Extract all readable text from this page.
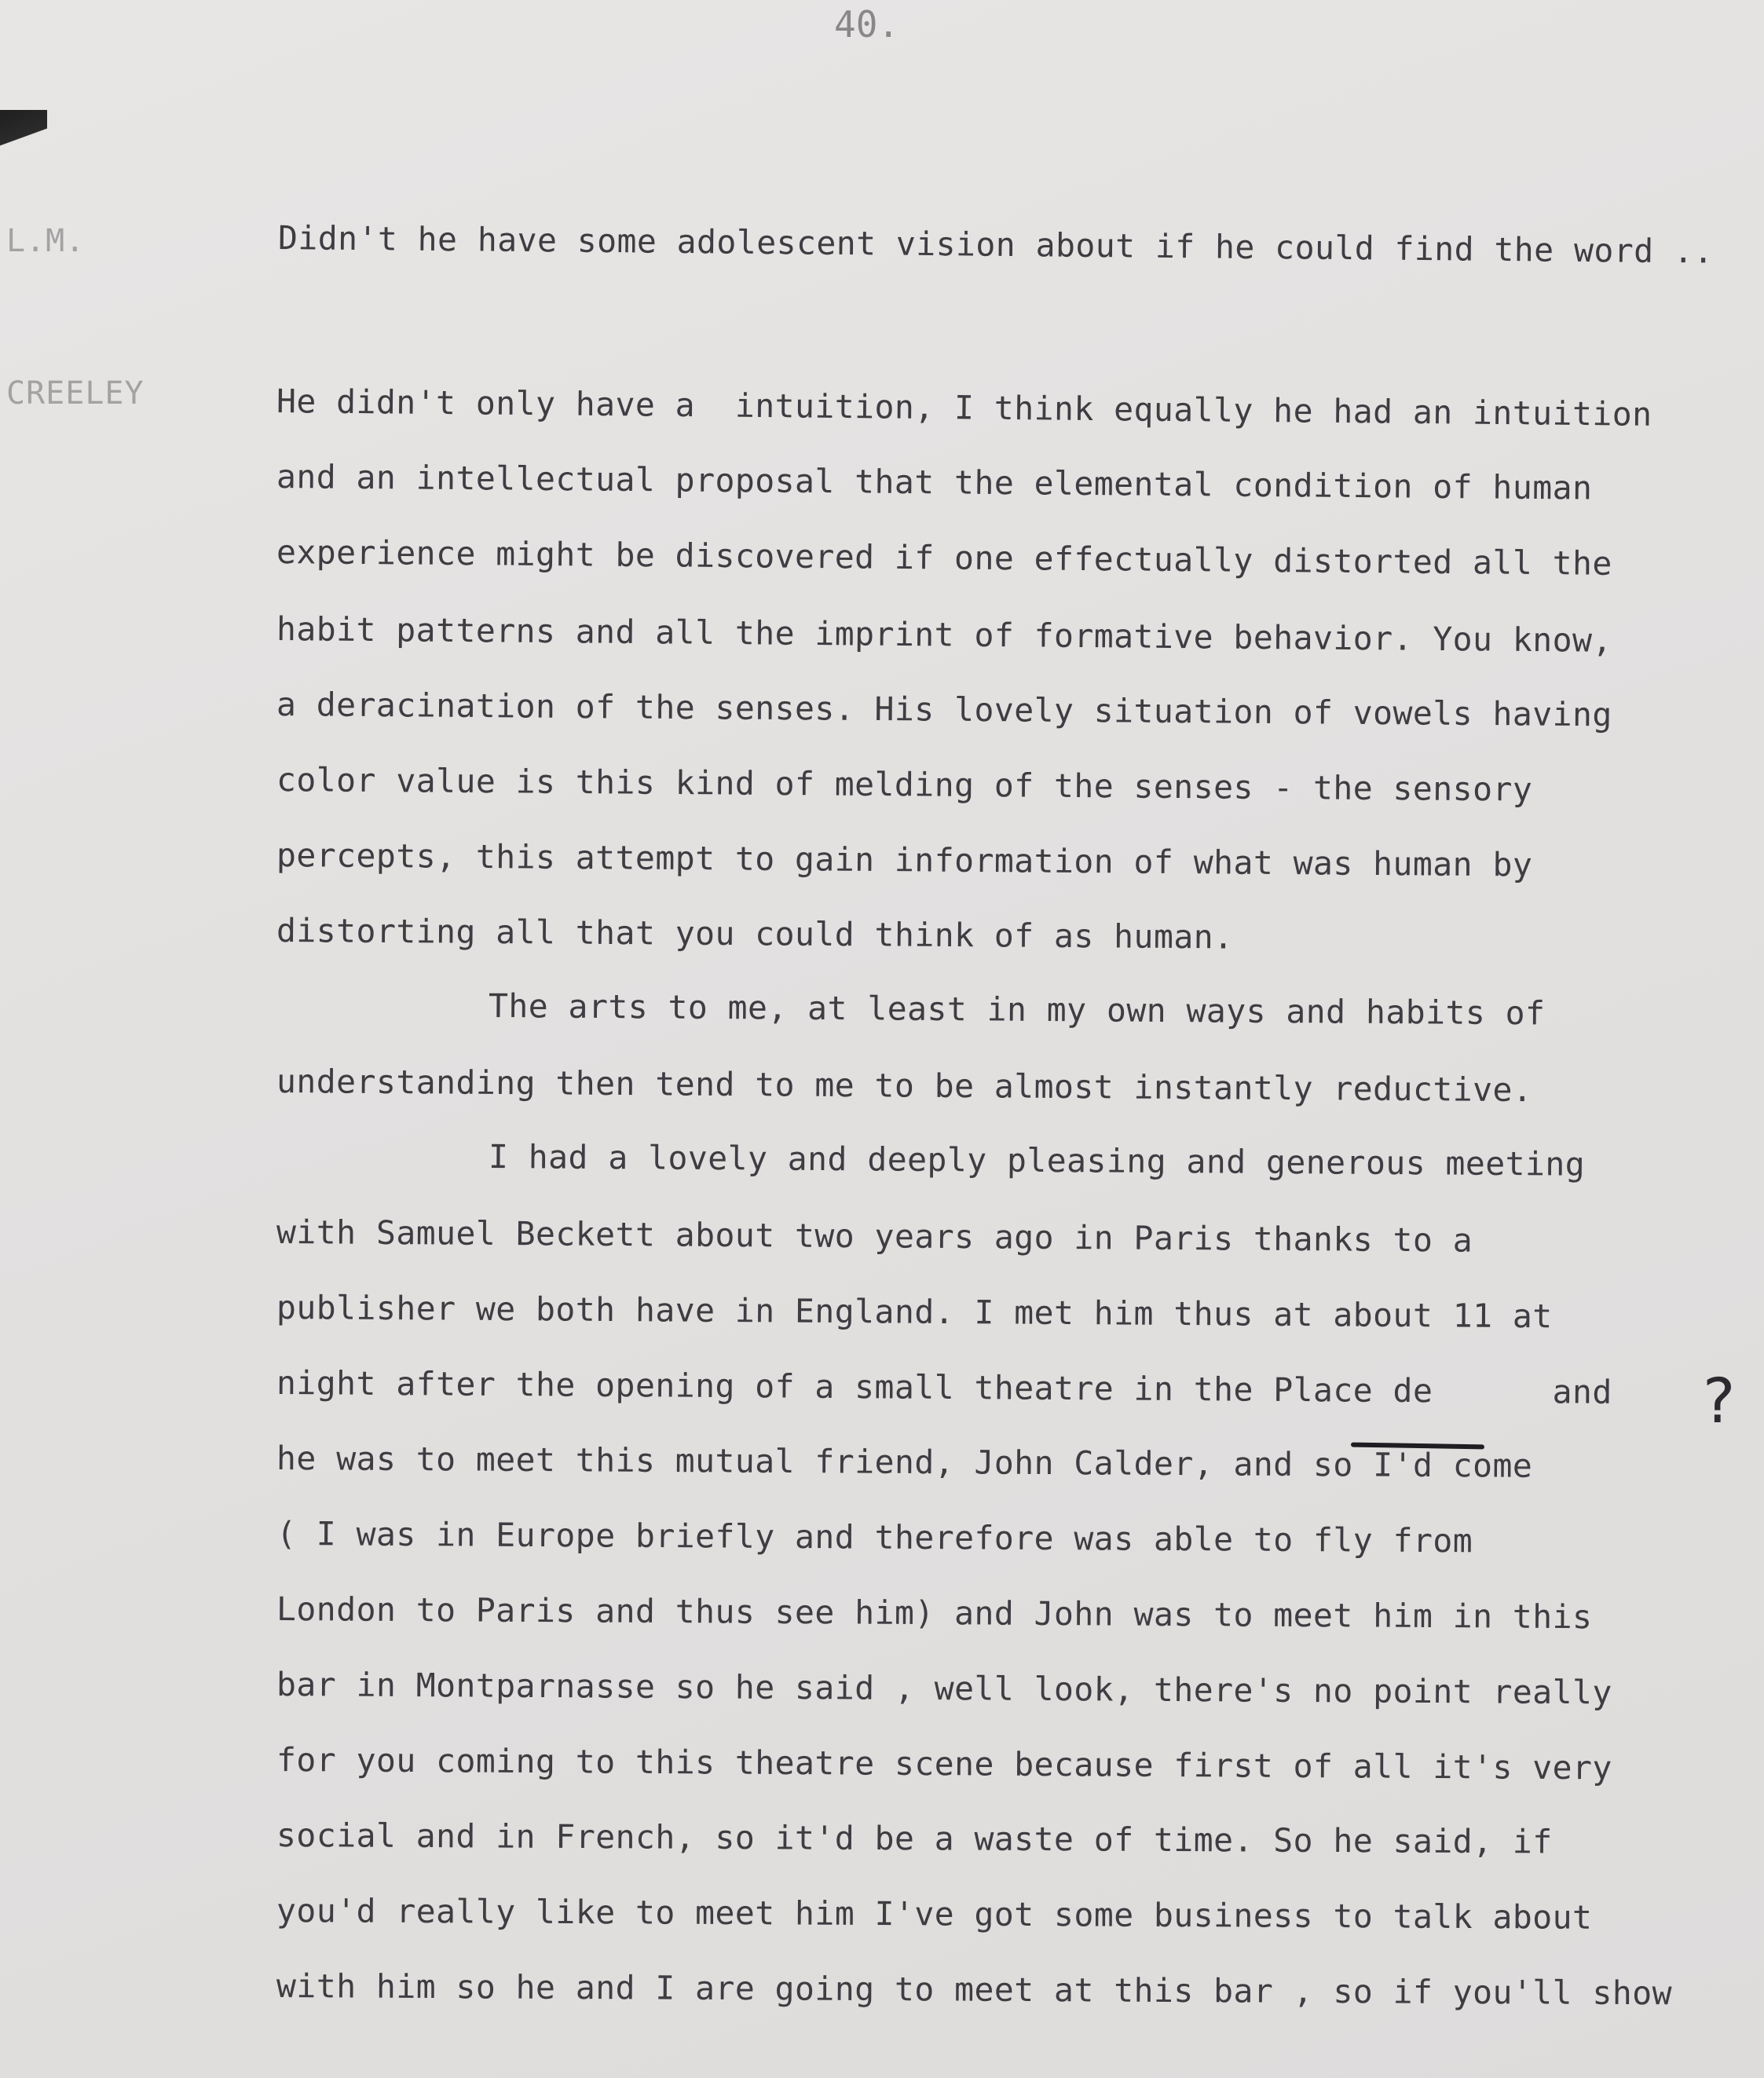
40.
L.M.	Didn't he have some adolescent vision about if he could find the word ..
CREELEY	He didn't only have a  intuition, I think equally he had an intuition
and an intellectual proposal that the elemental condition of human
experience might be discovered if one effectually distorted all the
habit patterns and all the imprint of formative behavior. You know,
a deracination of the senses. His lovely situation of vowels having
color value is this kind of melding of the senses - the sensory
percepts, this attempt to gain information of what was human by
distorting all that you could think of as human.
The arts to me, at least in my own ways and habits of
understanding then tend to me to be almost instantly reductive.
I had a lovely and deeply pleasing and generous meeting
with Samuel Beckett about two years ago in Paris thanks to a
publisher we both have in England. I met him thus at about 11 at
night after the opening of a small theatre in the Place de      and
he was to meet this mutual friend, John Calder, and so I'd come
( I was in Europe briefly and therefore was able to fly from
London to Paris and thus see him) and John was to meet him in this
bar in Montparnasse so he said , well look, there's no point really
for you coming to this theatre scene because first of all it's very
social and in French, so it'd be a waste of time. So he said, if
you'd really like to meet him I've got some business to talk about
with him so he and I are going to meet at this bar , so if you'll show
?
